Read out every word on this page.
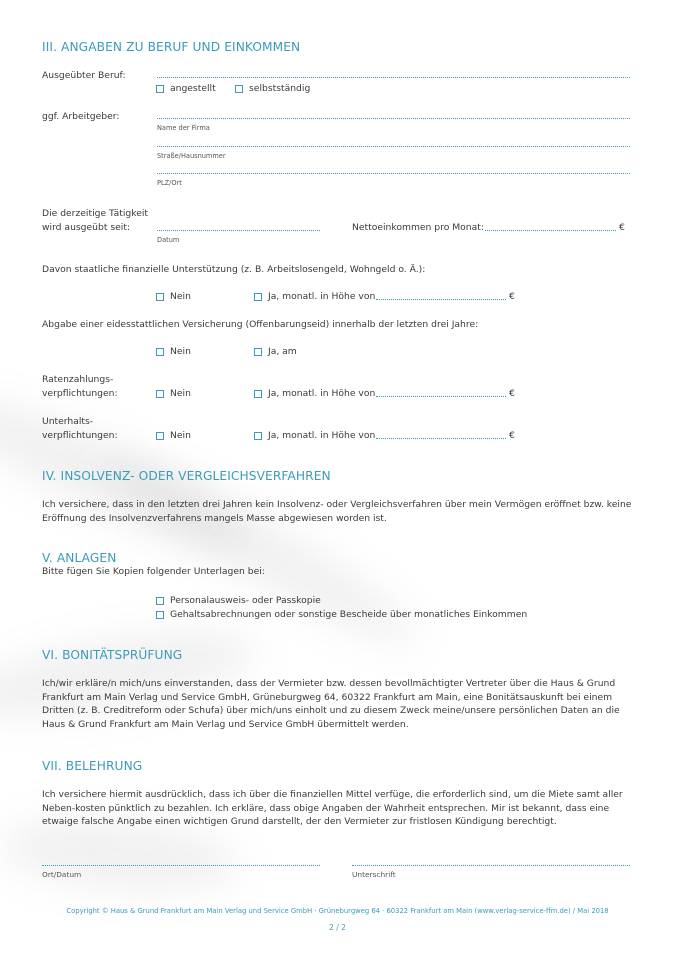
III. ANGABEN ZU BERUF UND EINKOMMEN
Ausgeübter Beruf:
angestellt	selbstständig
ggf. Arbeitgeber:
Name der Firma
Straße/Hausnummer
PLZ/Ort
Die derzeitige Tätigkeit
wird ausgeübt seit:
Datum
Nettoeinkommen pro Monat:	€
Davon staatliche finanzielle Unterstützung (z. B. Arbeitslosengeld, Wohngeld o. Ä.):
Nein	Ja, monatl. in Höhe von	€
Abgabe einer eidesstattlichen Versicherung (Offenbarungseid) innerhalb der letzten drei Jahre:
Nein	Ja, am
Ratenzahlungs-
verpflichtungen:	Nein	Ja, monatl. in Höhe von	€
Unterhalts-
verpflichtungen:	Nein	Ja, monatl. in Höhe von	€
IV. INSOLVENZ- ODER VERGLEICHSVERFAHREN
Ich versichere, dass in den letzten drei Jahren kein Insolvenz- oder Vergleichsverfahren über mein Vermögen eröffnet bzw. keine Eröffnung des Insolvenzverfahrens mangels Masse abgewiesen worden ist.
V. ANLAGEN
Bitte fügen Sie Kopien folgender Unterlagen bei:
Personalausweis- oder Passkopie
Gehaltsabrechnungen oder sonstige Bescheide über monatliches Einkommen
VI. BONITÄTSPRÜFUNG
Ich/wir erkläre/n mich/uns einverstanden, dass der Vermieter bzw. dessen bevollmächtigter Vertreter über die Haus & Grund Frankfurt am Main Verlag und Service GmbH, Grüneburgweg 64, 60322 Frankfurt am Main, eine Bonitätsauskunft bei einem Dritten (z. B. Creditreform oder Schufa) über mich/uns einholt und zu diesem Zweck meine/unsere persönlichen Daten an die Haus & Grund Frankfurt am Main Verlag und Service GmbH übermittelt werden.
VII. BELEHRUNG
Ich versichere hiermit ausdrücklich, dass ich über die finanziellen Mittel verfüge, die erforderlich sind, um die Miete samt aller Neben-kosten pünktlich zu bezahlen. Ich erkläre, dass obige Angaben der Wahrheit entsprechen. Mir ist bekannt, dass eine etwaige falsche Angabe einen wichtigen Grund darstellt, der den Vermieter zur fristlosen Kündigung berechtigt.
Ort/Datum	Unterschrift
Copyright © Haus & Grund Frankfurt am Main Verlag und Service GmbH · Grüneburgweg 64 · 60322 Frankfurt am Main (www.verlag-service-ffm.de) / Mai 2018
2 / 2
